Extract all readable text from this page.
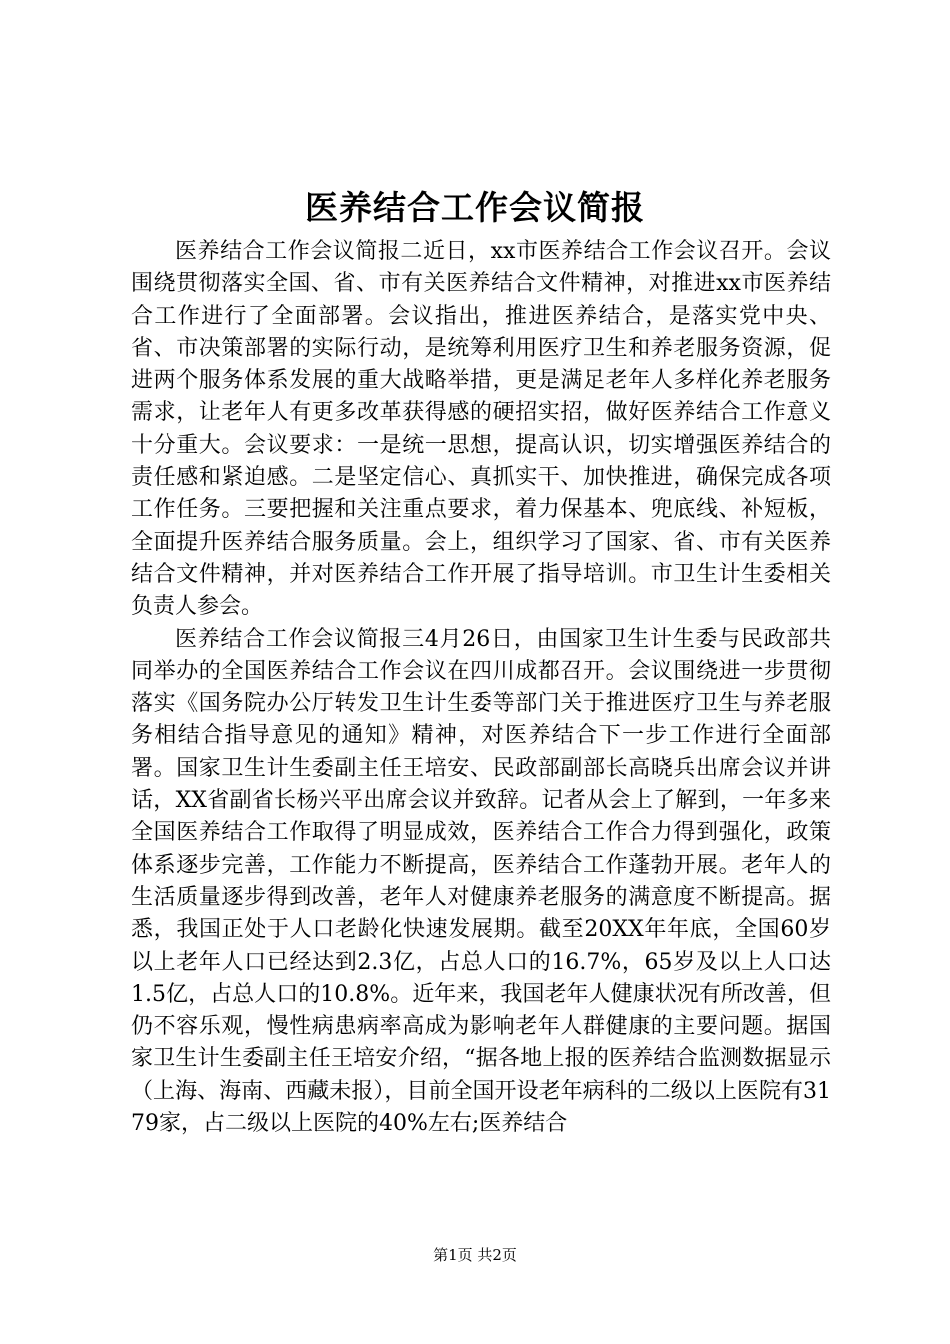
医养结合工作会议简报

医养结合工作会议简报二近日，xx市医养结合工作会议召开。会议围绕贯彻落实全国、省、市有关医养结合文件精神，对推进xx市医养结合工作进行了全面部署。会议指出，推进医养结合，是落实党中央、省、市决策部署的实际行动，是统筹利用医疗卫生和养老服务资源，促进两个服务体系发展的重大战略举措，更是满足老年人多样化养老服务需求，让老年人有更多改革获得感的硬招实招，做好医养结合工作意义十分重大。会议要求：一是统一思想，提高认识，切实增强医养结合的责任感和紧迫感。二是坚定信心、真抓实干、加快推进，确保完成各项工作任务。三要把握和关注重点要求，着力保基本、兜底线、补短板，全面提升医养结合服务质量。会上，组织学习了国家、省、市有关医养结合文件精神，并对医养结合工作开展了指导培训。市卫生计生委相关负责人参会。

医养结合工作会议简报三4月26日，由国家卫生计生委与民政部共同举办的全国医养结合工作会议在四川成都召开。会议围绕进一步贯彻落实《国务院办公厅转发卫生计生委等部门关于推进医疗卫生与养老服务相结合指导意见的通知》精神，对医养结合下一步工作进行全面部署。国家卫生计生委副主任王培安、民政部副部长高晓兵出席会议并讲话，XX省副省长杨兴平出席会议并致辞。记者从会上了解到，一年多来全国医养结合工作取得了明显成效，医养结合工作合力得到强化，政策体系逐步完善，工作能力不断提高，医养结合工作蓬勃开展。老年人的生活质量逐步得到改善，老年人对健康养老服务的满意度不断提高。据悉，我国正处于人口老龄化快速发展期。截至20XX年年底，全国60岁以上老年人口已经达到2.3亿，占总人口的16.7%，65岁及以上人口达1.5亿，占总人口的10.8%。近年来，我国老年人健康状况有所改善，但仍不容乐观，慢性病患病率高成为影响老年人群健康的主要问题。据国家卫生计生委副主任王培安介绍，“据各地上报的医养结合监测数据显示（上海、海南、西藏未报），目前全国开设老年病科的二级以上医院有3179家，占二级以上医院的40%左右;医养结合

第1页 共2页
